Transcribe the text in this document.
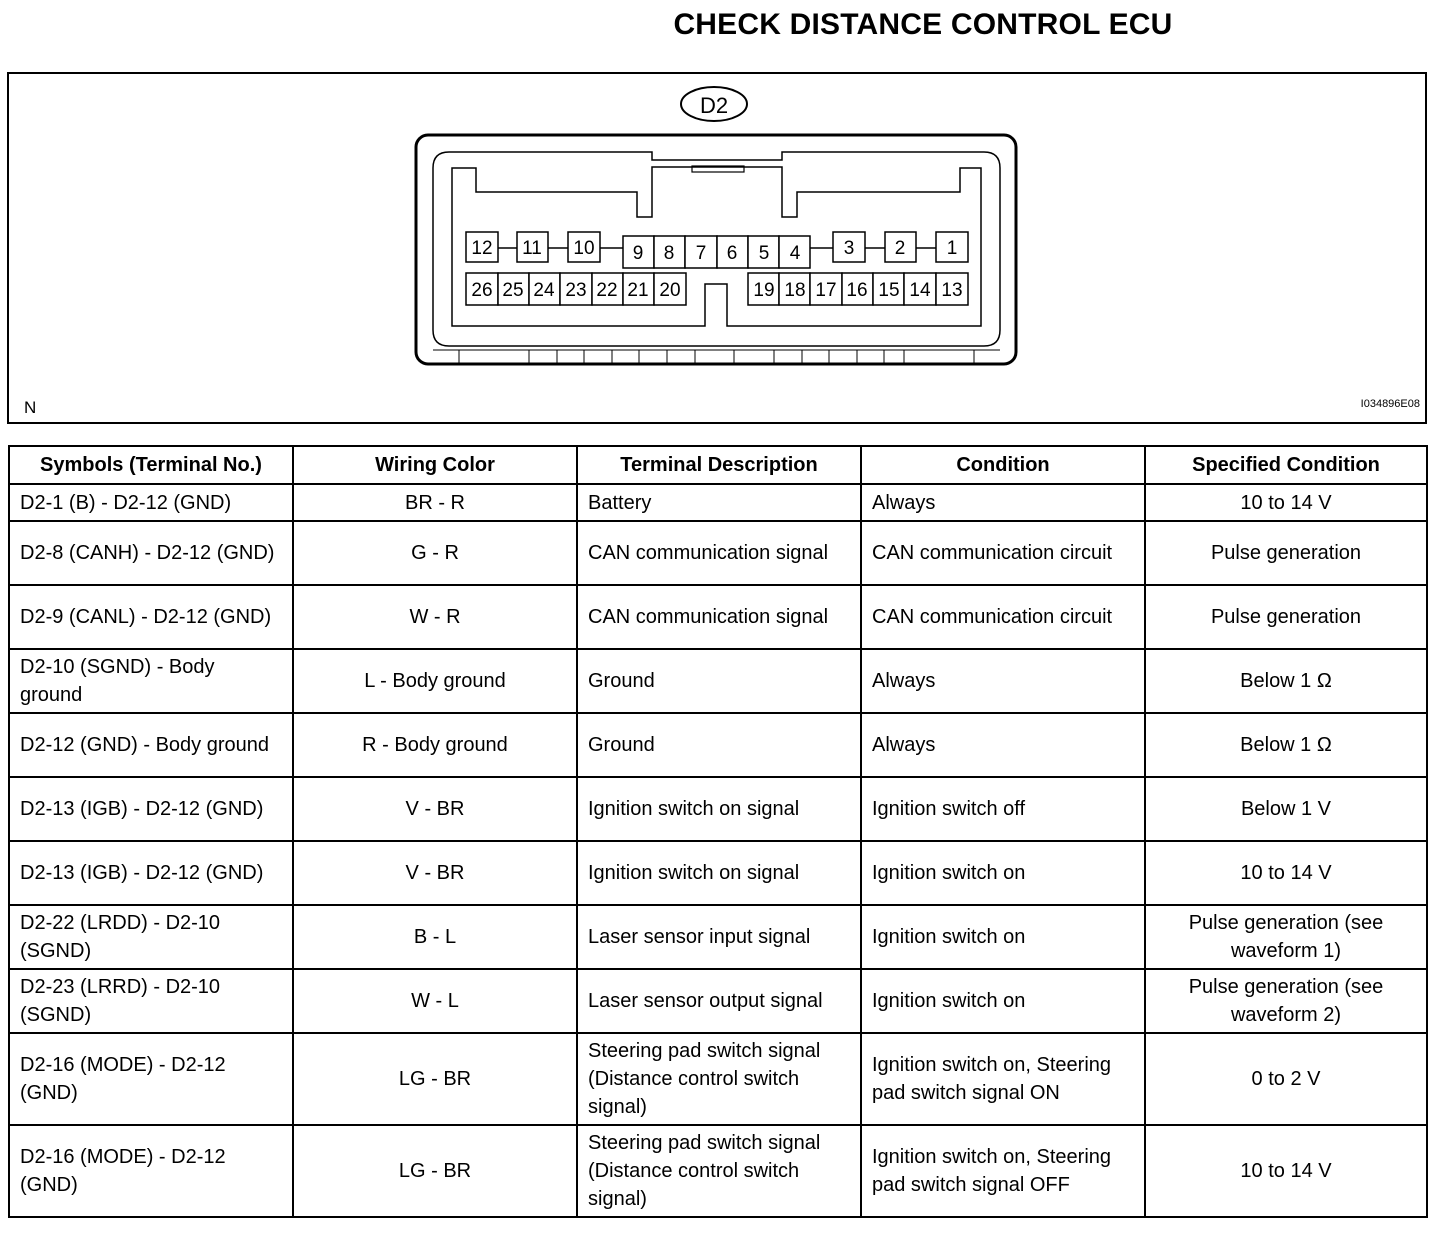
CHECK DISTANCE CONTROL ECU
D2
12 11 10 9 8 7 6 5 4 3 2 1
26 25 24 23 22 21 20	19 18 17 16 15 14 13
N	I034896E08
Symbols (Terminal No.)	Wiring Color	Terminal Description	Condition	Specified Condition
D2-1 (B) - D2-12 (GND)	BR - R	Battery	Always	10 to 14 V
D2-8 (CANH) - D2-12 (GND)	G - R	CAN communication signal	CAN communication circuit	Pulse generation
D2-9 (CANL) - D2-12 (GND)	W - R	CAN communication signal	CAN communication circuit	Pulse generation
D2-10 (SGND) - Body ground	L - Body ground	Ground	Always	Below 1 Ω
D2-12 (GND) - Body ground	R - Body ground	Ground	Always	Below 1 Ω
D2-13 (IGB) - D2-12 (GND)	V - BR	Ignition switch on signal	Ignition switch off	Below 1 V
D2-13 (IGB) - D2-12 (GND)	V - BR	Ignition switch on signal	Ignition switch on	10 to 14 V
D2-22 (LRDD) - D2-10 (SGND)	B - L	Laser sensor input signal	Ignition switch on	Pulse generation (see waveform 1)
D2-23 (LRRD) - D2-10 (SGND)	W - L	Laser sensor output signal	Ignition switch on	Pulse generation (see waveform 2)
D2-16 (MODE) - D2-12 (GND)	LG - BR	Steering pad switch signal (Distance control switch signal)	Ignition switch on, Steering pad switch signal ON	0 to 2 V
D2-16 (MODE) - D2-12 (GND)	LG - BR	Steering pad switch signal (Distance control switch signal)	Ignition switch on, Steering pad switch signal OFF	10 to 14 V
